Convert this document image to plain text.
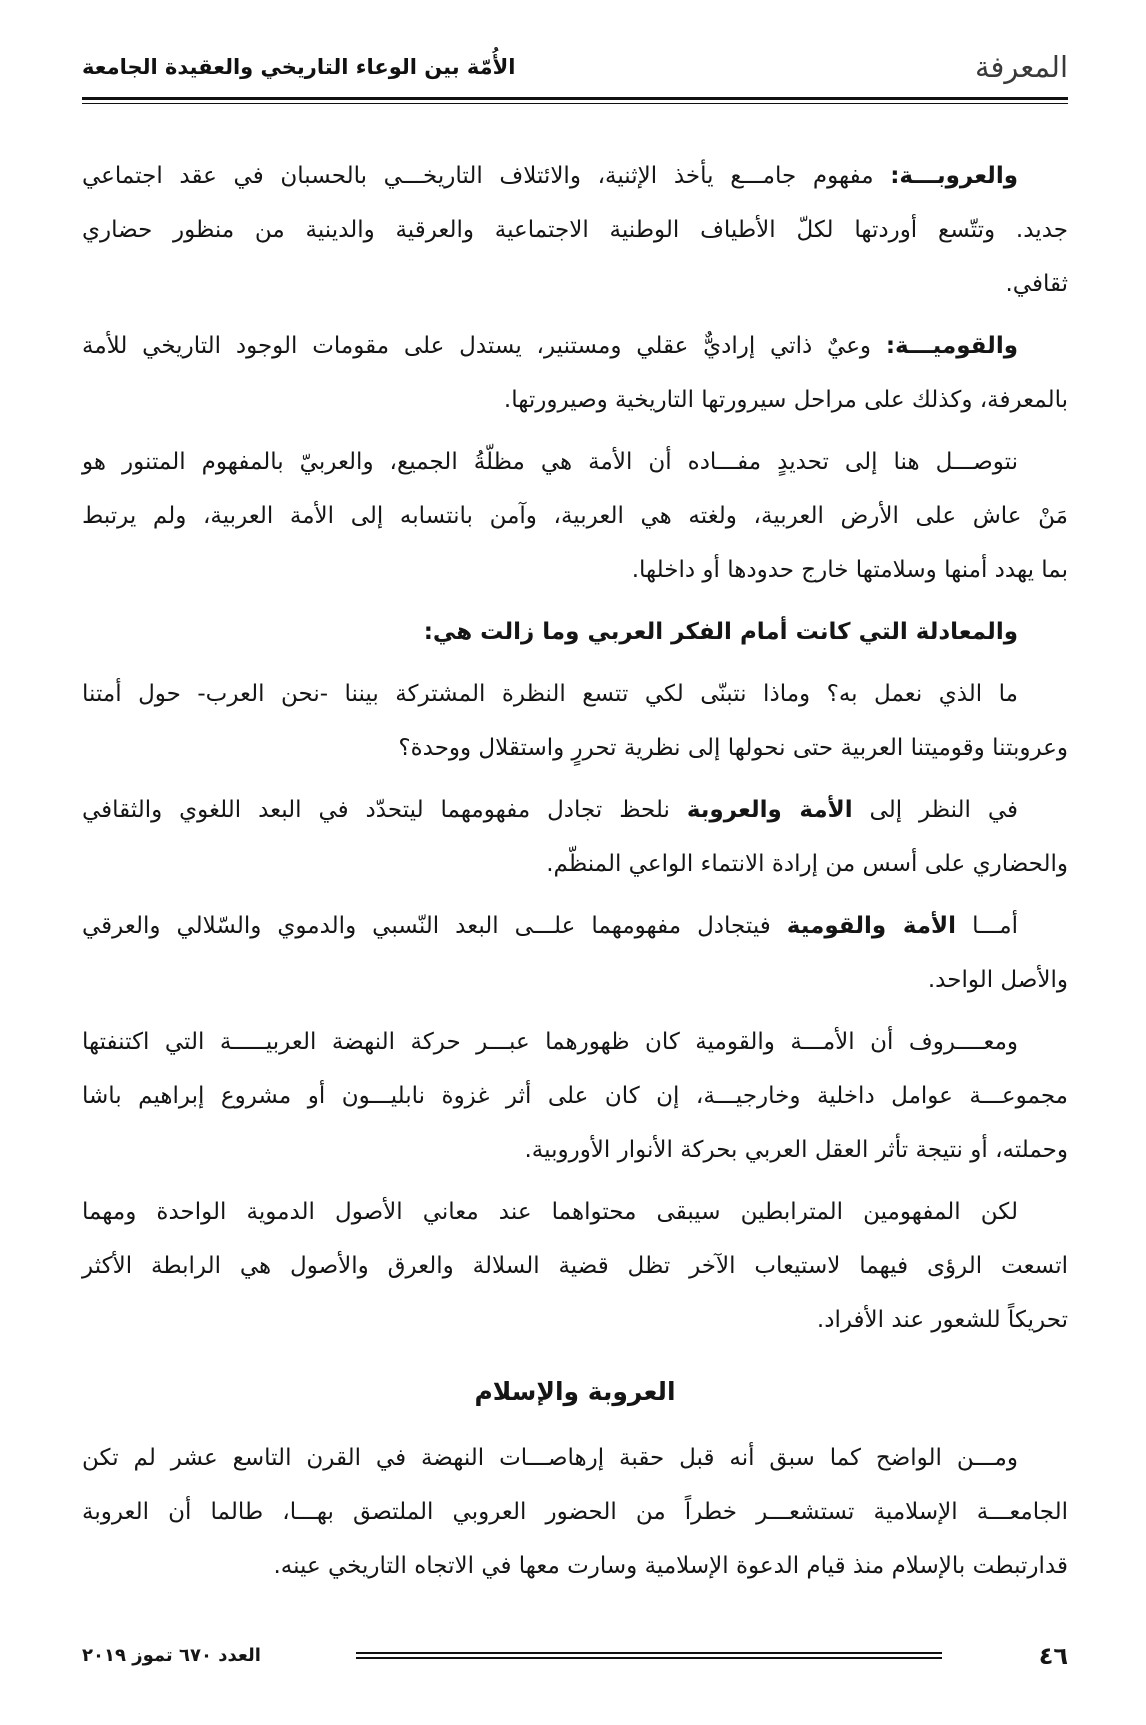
المعرفة
الأُمّة بين الوعاء التاريخي والعقيدة الجامعة
والعروبـــة: مفهوم جامـــع يأخذ الإثنية، والائتلاف التاريخـــي بالحسبان في عقد اجتماعي
جديد. وتتّسع أوردتها لكلّ الأطياف الوطنية الاجتماعية والعرقية والدينية من منظور حضاري
ثقافي.
والقوميـــة: وعيٌ ذاتي إراديٌّ عقلي ومستنير، يستدل على مقومات الوجود التاريخي للأمة
بالمعرفة، وكذلك على مراحل سيرورتها التاريخية وصيرورتها.
نتوصـــل هنا إلى تحديدٍ مفـــاده أن الأمة هي مظلّةُ الجميع، والعربيّ بالمفهوم المتنور هو
مَنْ عاش على الأرض العربية، ولغته هي العربية، وآمن بانتسابه إلى الأمة العربية، ولم يرتبط
بما يهدد أمنها وسلامتها خارج حدودها أو داخلها.
والمعادلة التي كانت أمام الفكر العربي وما زالت هي:
ما الذي نعمل به؟ وماذا نتبنّى لكي تتسع النظرة المشتركة بيننا -نحن العرب- حول أمتنا
وعروبتنا وقوميتنا العربية حتى نحولها إلى نظرية تحررٍ واستقلال ووحدة؟
في النظر إلى الأمة والعروبة نلحظ تجادل مفهومهما ليتحدّد في البعد اللغوي والثقافي
والحضاري على أسس من إرادة الانتماء الواعي المنظّم.
أمـــا الأمة والقومية فيتجادل مفهومهما علـــى البعد النّسبي والدموي والسّلالي والعرقي
والأصل الواحد.
ومعــــروف أن الأمـــة والقومية كان ظهورهما عبـــر حركة النهضة العربيـــــة التي اكتنفتها
مجموعـــة عوامل داخلية وخارجيـــة، إن كان على أثر غزوة نابليـــون أو مشروع إبراهيم باشا
وحملته، أو نتيجة تأثر العقل العربي بحركة الأنوار الأوروبية.
لكن المفهومين المترابطين سيبقى محتواهما عند معاني الأصول الدموية الواحدة ومهما
اتسعت الرؤى فيهما لاستيعاب الآخر تظل قضية السلالة والعرق والأصول هي الرابطة الأكثر
تحريكاً للشعور عند الأفراد.
العروبة والإسلام
ومـــن الواضح كما سبق أنه قبل حقبة إرهاصـــات النهضة في القرن التاسع عشر لم تكن
الجامعـــة الإسلامية تستشعـــر خطراً من الحضور العروبي الملتصق بهـــا، طالما أن العروبة
قدارتبطت بالإسلام منذ قيام الدعوة الإسلامية وسارت معها في الاتجاه التاريخي عينه.
٤٦
العدد ٦٧٠ تموز ٢٠١٩
